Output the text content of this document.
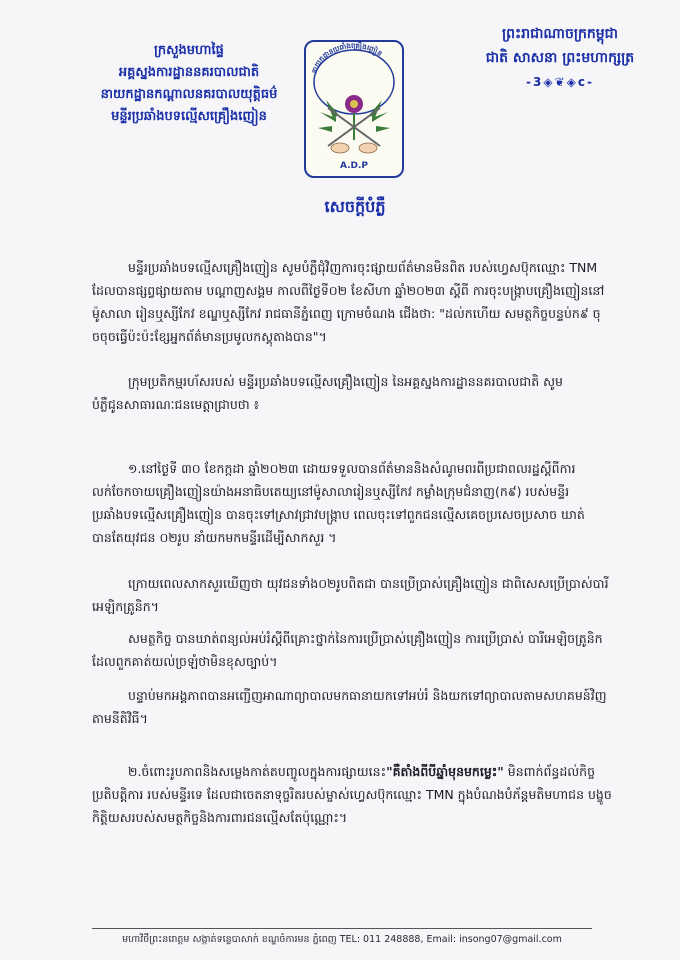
ក្រសួងមហាផ្ទៃ
អគ្គស្នងការដ្ឋាននគរបាលជាតិ
នាយកដ្ឋានកណ្តាលនគរបាលយុត្តិធម៌
មន្ទីរប្រឆាំងបទល្មើសគ្រឿងញៀន
នាយកដ្ឋានប្រឆាំងគ្រឿងញៀន
A.D.P
ព្រះរាជាណាចក្រកម្ពុជា
ជាតិ សាសនា ព្រះមហាក្សត្រ
-3◈❦◈c-
សេចក្តីបំភ្លឺ

មន្ទីរប្រឆាំងបទល្មើសគ្រឿងញៀន សូមបំភ្លឺជុំវិញការចុះផ្សាយព័ត៌មានមិនពិត របស់ហ្វេសប៊ុកឈ្មោះ TNM ដែលបានផ្សព្វផ្សាយតាម បណ្តាញសង្គម កាលពីថ្ងៃទី០២ ខែសីហា ឆ្នាំ២០២៣ ស្តីពី ការចុះបង្ក្រាបគ្រឿងញៀននៅម៉ូសាលា រៀនឬស្សីកែវ ខណ្ឌឬស្សីកែវ រាជធានីភ្នំពេញ ក្រោមចំណង ជើងថា: "ដល់កហើយ សមត្ថកិច្ចបន្ទប់ក៩ ចុចចុចធ្វើប៉ះប៉ះខ្សែអ្នកព័ត៌មានប្រមូលកស្តុតាងបាន"។

ក្រុមប្រតិកម្មរហ័សរបស់ មន្ទីរប្រឆាំងបទល្មើសគ្រឿងញៀន នៃអគ្គស្នងការដ្ឋាននគរបាលជាតិ សូមបំភ្លឺជូនសាធារណៈជនមេត្តាជ្រាបថា ៖

១.នៅថ្ងៃទី ៣០ ខែកក្កដា ឆ្នាំ២០២៣ ដោយទទួលបានព័ត៌មាននិងសំណូមពរពីប្រជាពលរដ្ឋស្តីពីការលក់ចែកចាយគ្រឿងញៀនយ៉ាងអនាធិបតេយ្យនៅម៉ូសាលារៀនឬស្សីកែវ កម្លាំងក្រុមជំនាញ(ក៩) របស់មន្ទីរប្រឆាំងបទល្មើសគ្រឿងញៀន បានចុះទៅស្រាវជ្រាវបង្ក្រាប ពេលចុះទៅពួកជនល្មើសគេចប្រសេចប្រសាច ឃាត់បានតែយុវជន ០២រូប នាំយកមកមន្ទីរដើម្បីសាកសួរ ។

ក្រោយពេលសាកសួរឃើញថា យុវជនទាំង០២រូបពិតជា បានប្រើប្រាស់គ្រឿងញៀន ជាពិសេសប្រើប្រាស់បារីអេឡិកត្រូនិក។

សមត្ថកិច្ច បានឃាត់ពន្យល់អប់រំស្តីពីគ្រោះថ្នាក់នៃការប្រើប្រាស់គ្រឿងញៀន ការប្រើប្រាស់ បារីអេឡិចត្រូនិក ដែលពួកគាត់យល់ច្រឡំថាមិនខុសច្បាប់។

បន្ទាប់មកអង្គភាពបានអញ្ជើញអាណាព្យាបាលមកធានាយកទៅអប់រំ និងយកទៅព្យាបាលតាមសហគមន៍វិញតាមនីតិវិធី។

២.ចំពោះរូបភាពនិងសម្លេងកាត់តបញ្ចូលក្នុងការផ្សាយនេះ"គឺតាំងពីបីឆ្នាំមុនមកម្លេះ" មិនពាក់ព័ន្ធដល់កិច្ចប្រតិបត្តិការ របស់មន្ទីរទេ ដែលជាចេតនាទុច្ចរិតរបស់ម្ចាស់ហ្វេសប៊ុកឈ្មោះ TMN ក្នុងបំណងបំភ័ន្តមតិមហាជន បង្ខូចកិត្តិយសរបស់សមត្ថកិច្ចនិងការពារជនល្មើសតែប៉ុណ្ណោះ។

មហាវិថីព្រះនរោត្តម សង្កាត់ទន្លេបាសាក់ ខណ្ឌចំការមន ភ្នំពេញ TEL: 011 248888, Email: insong07@gmail.com
